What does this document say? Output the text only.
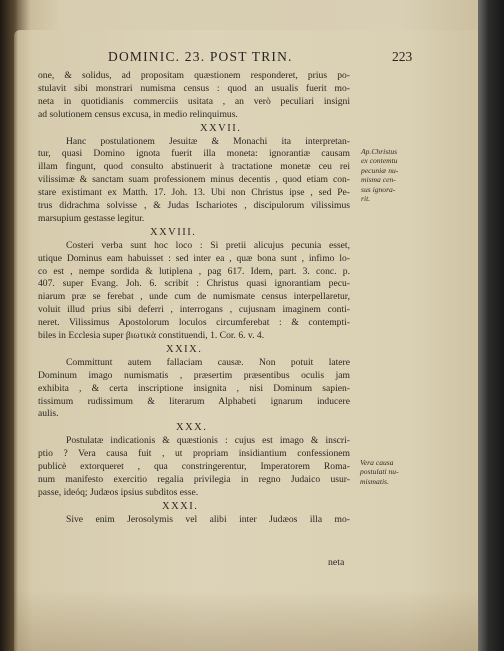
DOMINIC. 23. POST TRIN.	223
one, & solidus, ad propositam quæstionem responderet, prius po-
stulavit sibi monstrari numisma census : quod an usualis fuerit mo-
neta in quotidianis commerciis usitata , an verò peculiari insigni
ad solutionem census excusa, in medio relinquimus.
XXVII.
Hanc postulationem Jesuitæ & Monachi ita interpretan-
tur, quasi Domino ignota fuerit illa moneta: ignorantiæ causam
illam fingunt, quod consulto abstinuerit à tractatione monetæ ceu rei
vilissimæ & sanctam suam professionem minus decentis , quod etiam con-
stare existimant ex Matth. 17. Joh. 13. Ubi non Christus ipse , sed Pe-
trus didrachma solvisse , & Judas Ischariotes , discipulorum vilissimus
marsupium gestasse legitur.
XXVIII.
Costeri verba sunt hoc loco : Si pretii alicujus pecunia esset,
utique Dominus eam habuisset : sed inter ea , quæ bona sunt , infimo lo-
co est , nempe sordida & lutiplena , pag 617. Idem, part. 3. conc. p.
407. super Evang. Joh. 6. scribit : Christus quasi ignorantiam pecu-
niarum præ se ferebat , unde cum de numismate census interpellaretur,
voluit illud prius sibi deferri , interrogans , cujusnam imaginem conti-
neret. Vilissimus Apostolorum loculos circumferebat : & contempti-
biles in Ecclesia super βιωτικὰ constituendi, 1. Cor. 6. v. 4.
XXIX.
Committunt autem fallaciam causæ. Non potuit latere
Dominum imago numismatis , præsertim præsentibus oculis jam
exhibita , & certa inscriptione insignita , nisi Dominum sapien-
tissimum rudissimum & literarum Alphabeti ignarum inducere
aulis.
XXX.
Postulatæ indicationis & quæstionis : cujus est imago & inscri-
ptio ? Vera causa fuit , ut propriam insidiantium confessionem
publicè extorqueret , qua constringerentur, Imperatorem Roma-
num manifesto exercitio regalia privilegia in regno Judaico usur-
passe, ideóq; Judæos ipsius subditos esse.
XXXI.
Sive enim Jerosolymis vel alibi inter Judæos illa mo-
Ap.Christus
ex contemtu
pecuniæ nu-
misma cen-
sus ignora-
rit.
Vera causa
postulati nu-
mismatis.
neta
